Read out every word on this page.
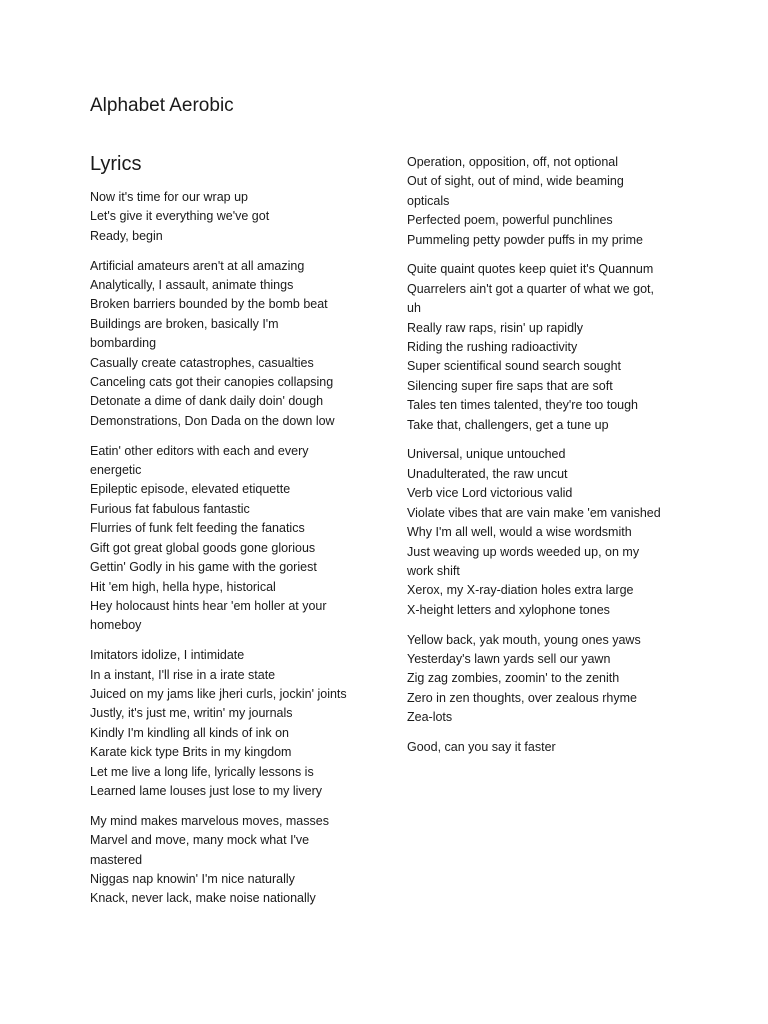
Alphabet Aerobic
Lyrics

Now it's time for our wrap up
Let's give it everything we've got
Ready, begin

Artificial amateurs aren't at all amazing
Analytically, I assault, animate things
Broken barriers bounded by the bomb beat
Buildings are broken, basically I'm
bombarding
Casually create catastrophes, casualties
Canceling cats got their canopies collapsing
Detonate a dime of dank daily doin' dough
Demonstrations, Don Dada on the down low

Eatin' other editors with each and every
energetic
Epileptic episode, elevated etiquette
Furious fat fabulous fantastic
Flurries of funk felt feeding the fanatics
Gift got great global goods gone glorious
Gettin' Godly in his game with the goriest
Hit 'em high, hella hype, historical
Hey holocaust hints hear 'em holler at your
homeboy

Imitators idolize, I intimidate
In a instant, I'll rise in a irate state
Juiced on my jams like jheri curls, jockin' joints
Justly, it's just me, writin' my journals
Kindly I'm kindling all kinds of ink on
Karate kick type Brits in my kingdom
Let me live a long life, lyrically lessons is
Learned lame louses just lose to my livery

My mind makes marvelous moves, masses
Marvel and move, many mock what I've
mastered
Niggas nap knowin' I'm nice naturally
Knack, never lack, make noise nationally

Operation, opposition, off, not optional
Out of sight, out of mind, wide beaming
opticals
Perfected poem, powerful punchlines
Pummeling petty powder puffs in my prime

Quite quaint quotes keep quiet it's Quannum
Quarrelers ain't got a quarter of what we got,
uh
Really raw raps, risin' up rapidly
Riding the rushing radioactivity
Super scientifical sound search sought
Silencing super fire saps that are soft
Tales ten times talented, they're too tough
Take that, challengers, get a tune up

Universal, unique untouched
Unadulterated, the raw uncut
Verb vice Lord victorious valid
Violate vibes that are vain make 'em vanished
Why I'm all well, would a wise wordsmith
Just weaving up words weeded up, on my
work shift
Xerox, my X-ray-diation holes extra large
X-height letters and xylophone tones

Yellow back, yak mouth, young ones yaws
Yesterday's lawn yards sell our yawn
Zig zag zombies, zoomin' to the zenith
Zero in zen thoughts, over zealous rhyme
Zea-lots

Good, can you say it faster
